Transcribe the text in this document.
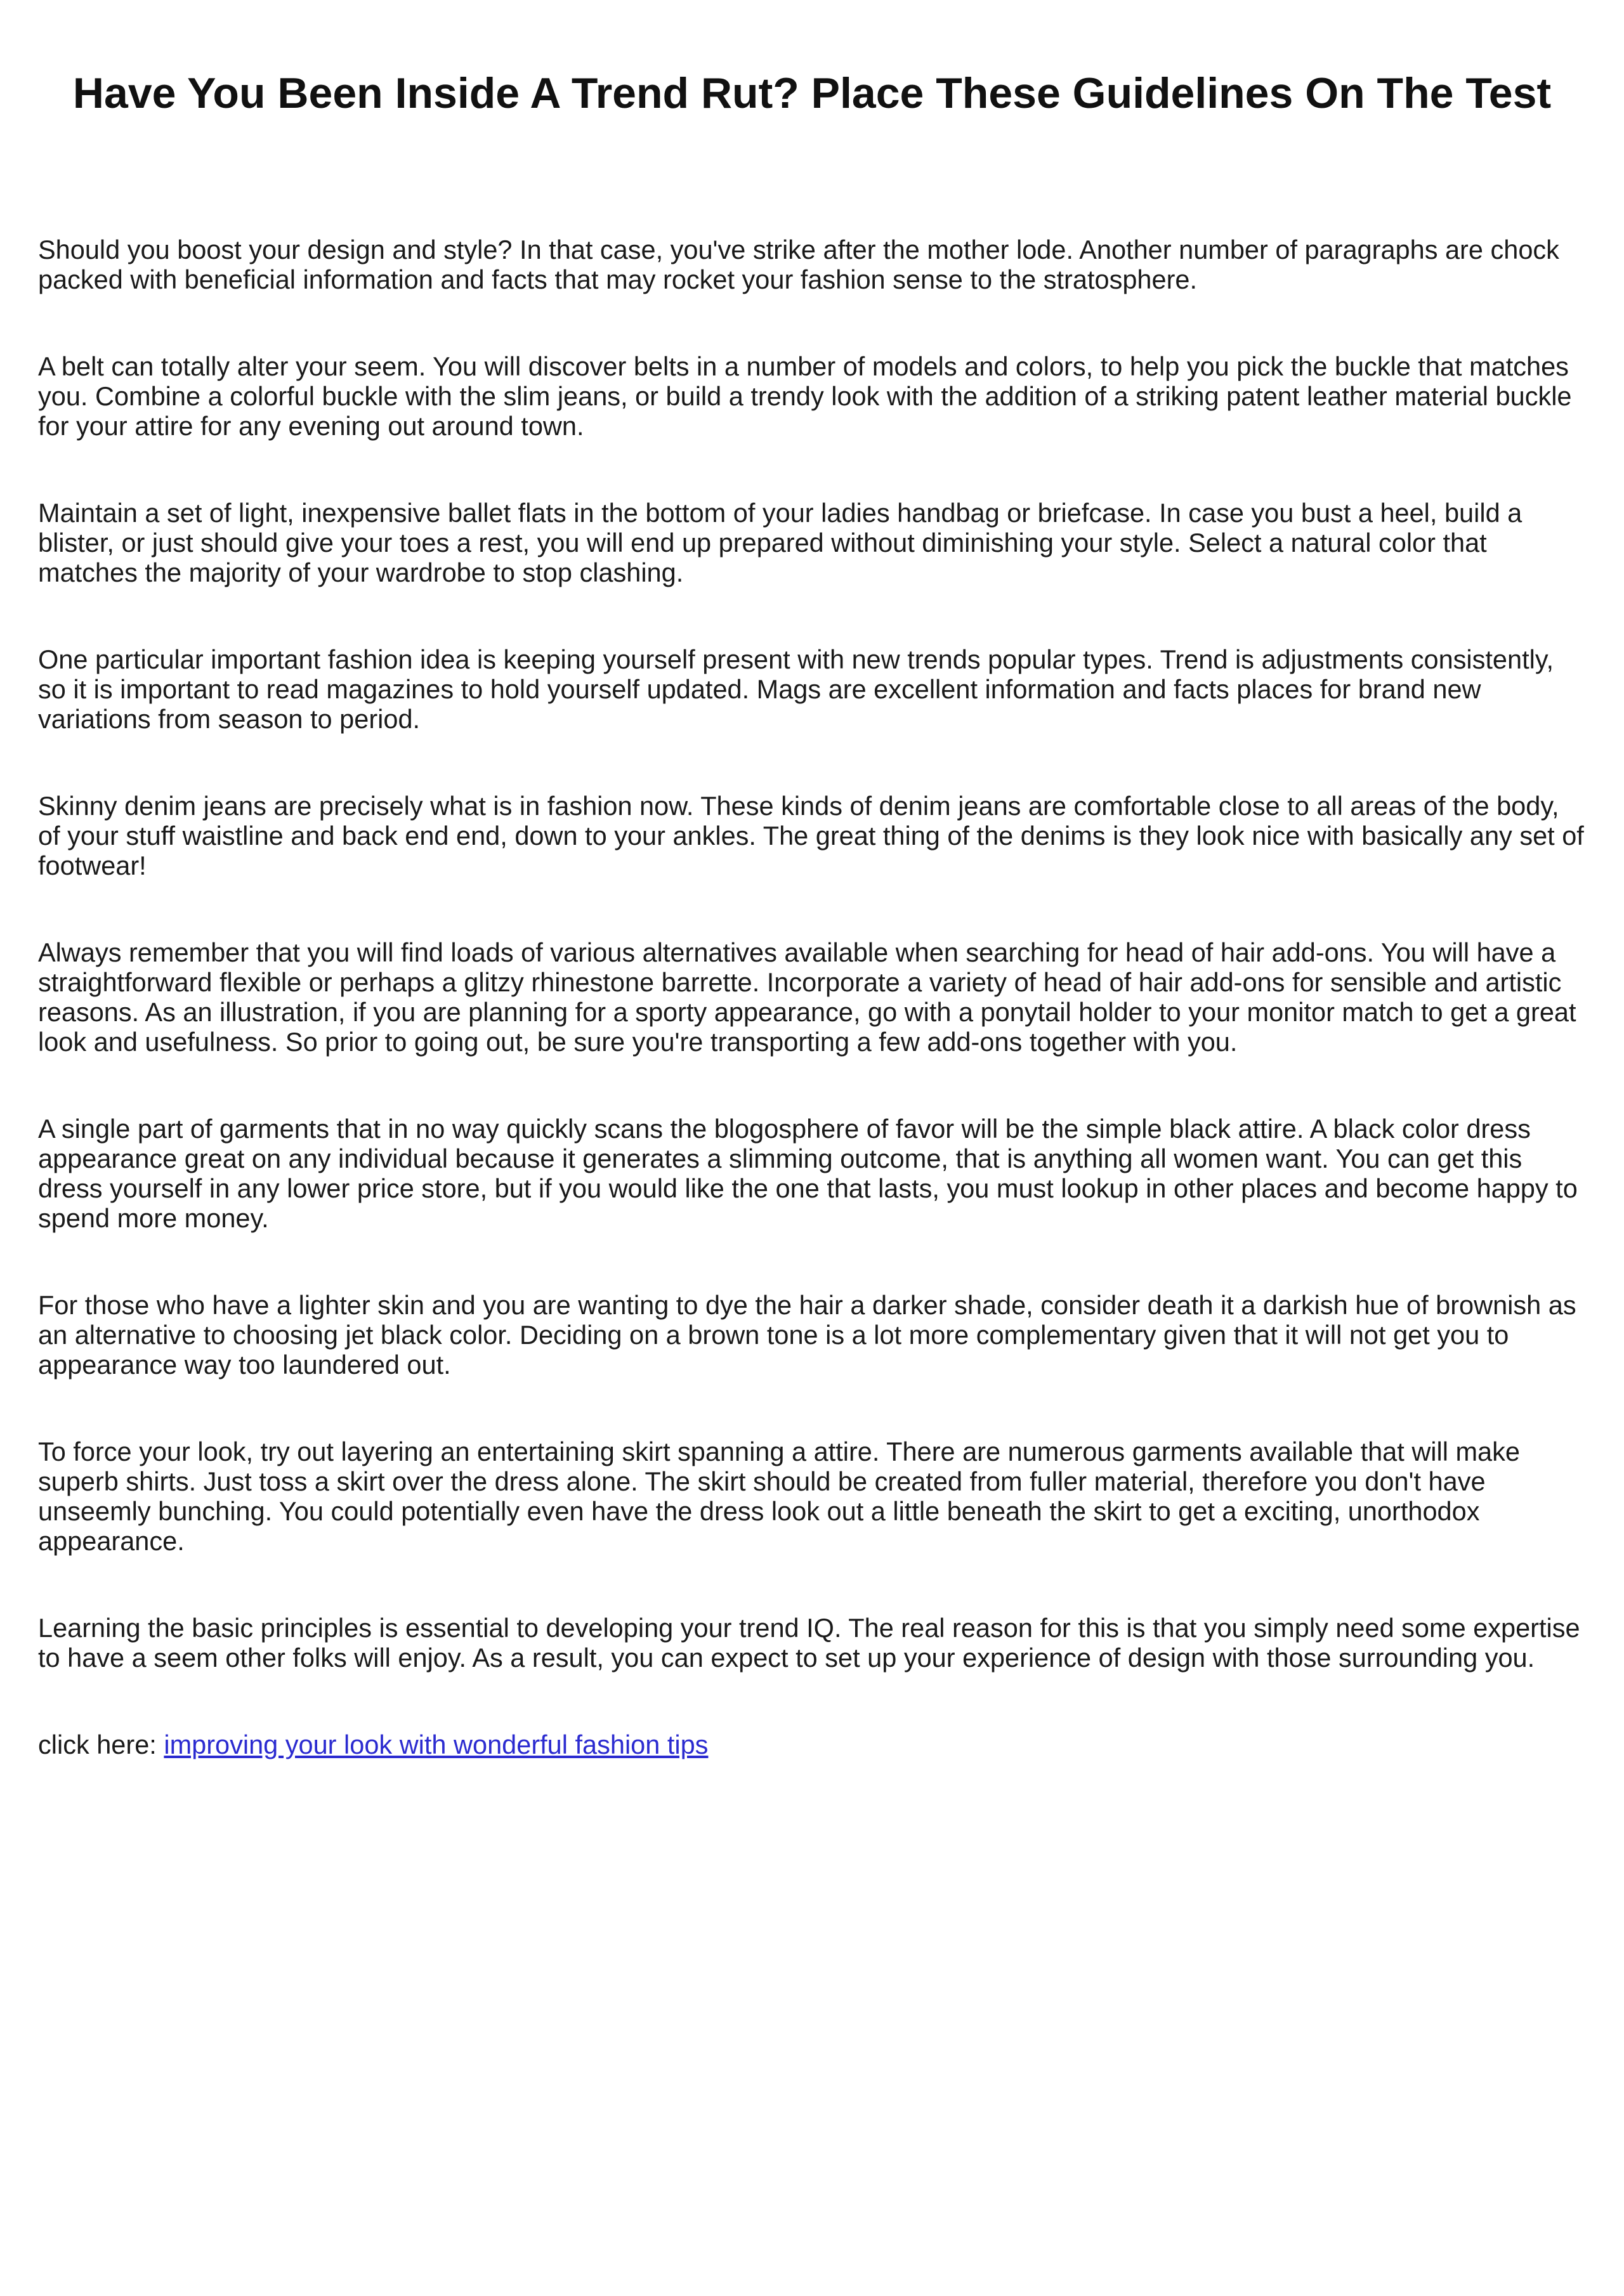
Have You Been Inside A Trend Rut? Place These Guidelines On The Test

Should you boost your design and style? In that case, you've strike after the mother lode. Another number of paragraphs are chock packed with beneficial information and facts that may rocket your fashion sense to the stratosphere.

A belt can totally alter your seem. You will discover belts in a number of models and colors, to help you pick the buckle that matches you. Combine a colorful buckle with the slim jeans, or build a trendy look with the addition of a striking patent leather material buckle for your attire for any evening out around town.

Maintain a set of light, inexpensive ballet flats in the bottom of your ladies handbag or briefcase. In case you bust a heel, build a blister, or just should give your toes a rest, you will end up prepared without diminishing your style. Select a natural color that matches the majority of your wardrobe to stop clashing.

One particular important fashion idea is keeping yourself present with new trends popular types. Trend is adjustments consistently, so it is important to read magazines to hold yourself updated. Mags are excellent information and facts places for brand new variations from season to period.

Skinny denim jeans are precisely what is in fashion now. These kinds of denim jeans are comfortable close to all areas of the body, of your stuff waistline and back end end, down to your ankles. The great thing of the denims is they look nice with basically any set of footwear!

Always remember that you will find loads of various alternatives available when searching for head of hair add-ons. You will have a straightforward flexible or perhaps a glitzy rhinestone barrette. Incorporate a variety of head of hair add-ons for sensible and artistic reasons. As an illustration, if you are planning for a sporty appearance, go with a ponytail holder to your monitor match to get a great look and usefulness. So prior to going out, be sure you're transporting a few add-ons together with you.

A single part of garments that in no way quickly scans the blogosphere of favor will be the simple black attire. A black color dress appearance great on any individual because it generates a slimming outcome, that is anything all women want. You can get this dress yourself in any lower price store, but if you would like the one that lasts, you must lookup in other places and become happy to spend more money.

For those who have a lighter skin and you are wanting to dye the hair a darker shade, consider death it a darkish hue of brownish as an alternative to choosing jet black color. Deciding on a brown tone is a lot more complementary given that it will not get you to appearance way too laundered out.

To force your look, try out layering an entertaining skirt spanning a attire. There are numerous garments available that will make superb shirts. Just toss a skirt over the dress alone. The skirt should be created from fuller material, therefore you don't have unseemly bunching. You could potentially even have the dress look out a little beneath the skirt to get a exciting, unorthodox appearance.

Learning the basic principles is essential to developing your trend IQ. The real reason for this is that you simply need some expertise to have a seem other folks will enjoy. As a result, you can expect to set up your experience of design with those surrounding you.

click here: improving your look with wonderful fashion tips
